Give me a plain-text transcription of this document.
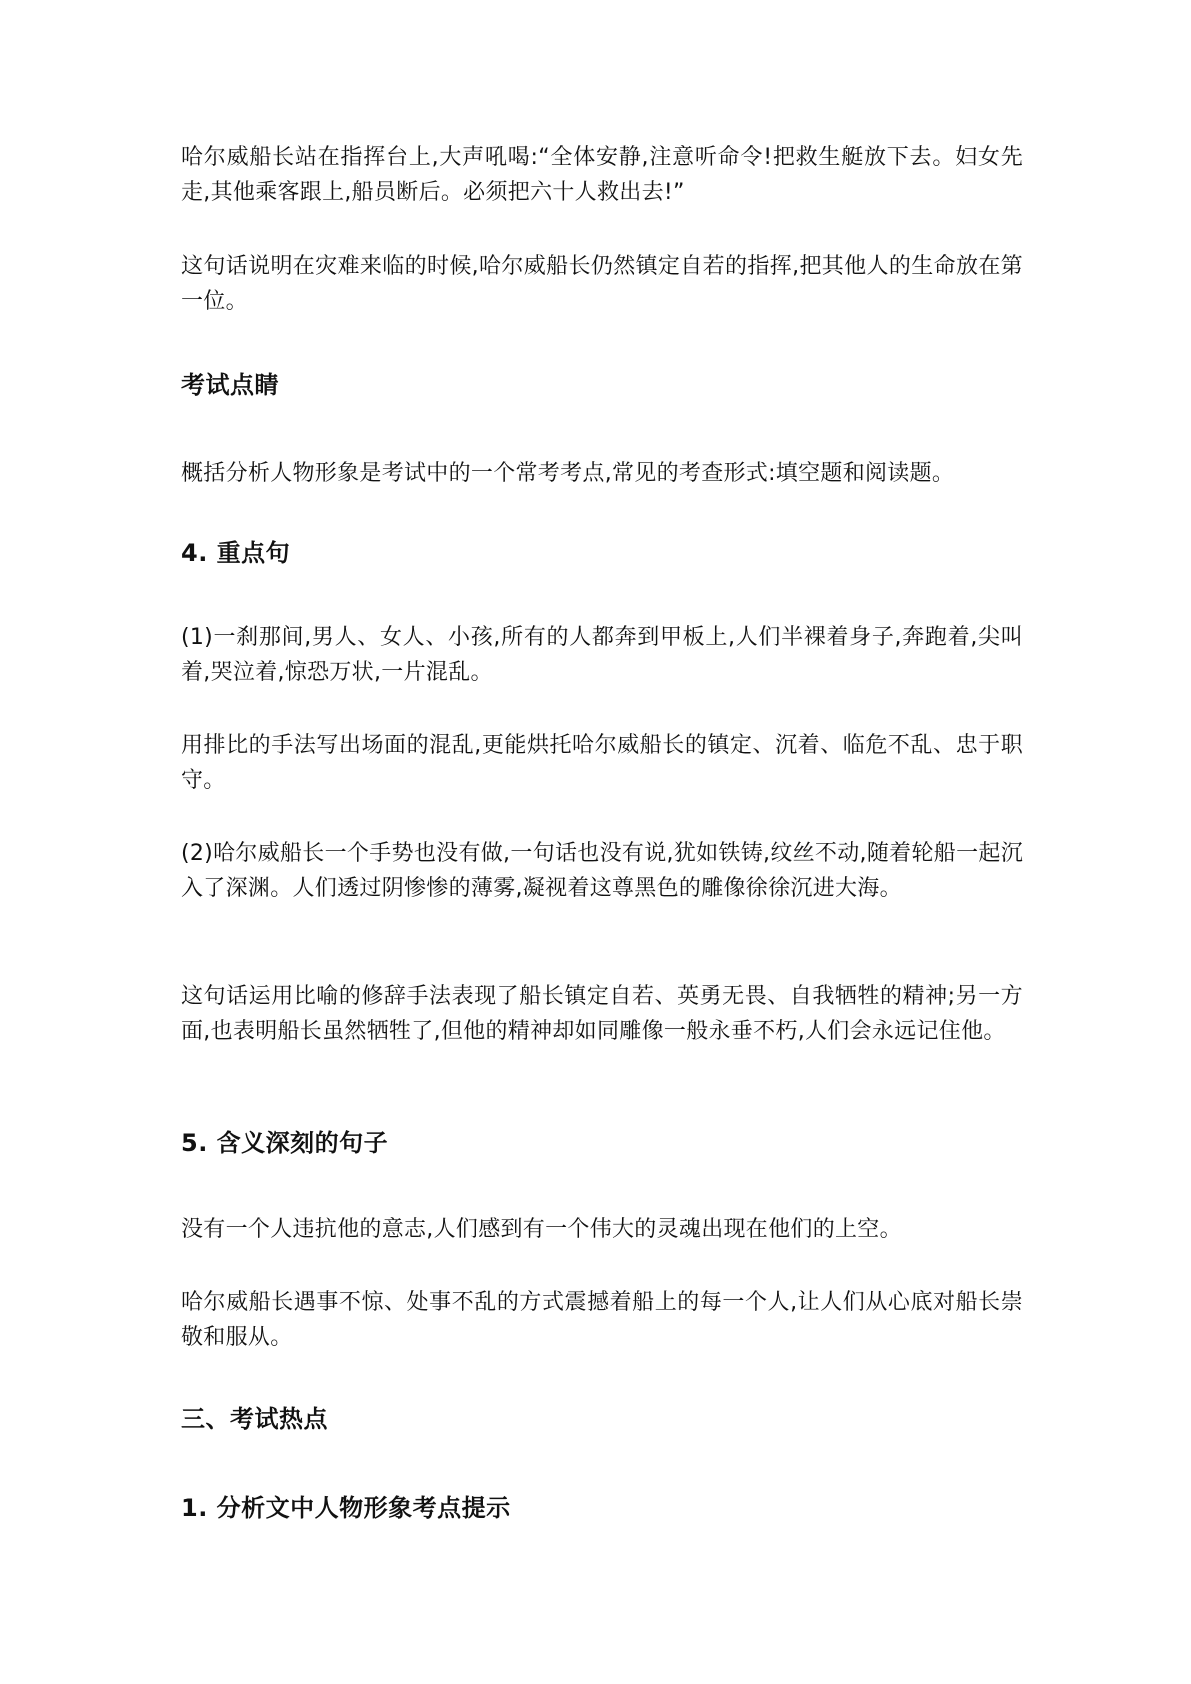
哈尔威船长站在指挥台上,大声吼喝:“全体安静,注意听命令!把救生艇放下去。妇女先走,其他乘客跟上,船员断后。必须把六十人救出去!”

这句话说明在灾难来临的时候,哈尔威船长仍然镇定自若的指挥,把其他人的生命放在第一位。

考试点睛

概括分析人物形象是考试中的一个常考考点,常见的考查形式:填空题和阅读题。

4. 重点句

(1)一刹那间,男人、女人、小孩,所有的人都奔到甲板上,人们半裸着身子,奔跑着,尖叫着,哭泣着,惊恐万状,一片混乱。

用排比的手法写出场面的混乱,更能烘托哈尔威船长的镇定、沉着、临危不乱、忠于职守。

(2)哈尔威船长一个手势也没有做,一句话也没有说,犹如铁铸,纹丝不动,随着轮船一起沉入了深渊。人们透过阴惨惨的薄雾,凝视着这尊黑色的雕像徐徐沉进大海。

这句话运用比喻的修辞手法表现了船长镇定自若、英勇无畏、自我牺牲的精神;另一方面,也表明船长虽然牺牲了,但他的精神却如同雕像一般永垂不朽,人们会永远记住他。

5. 含义深刻的句子

没有一个人违抗他的意志,人们感到有一个伟大的灵魂出现在他们的上空。

哈尔威船长遇事不惊、处事不乱的方式震撼着船上的每一个人,让人们从心底对船长崇敬和服从。

三、考试热点
1. 分析文中人物形象考点提示
